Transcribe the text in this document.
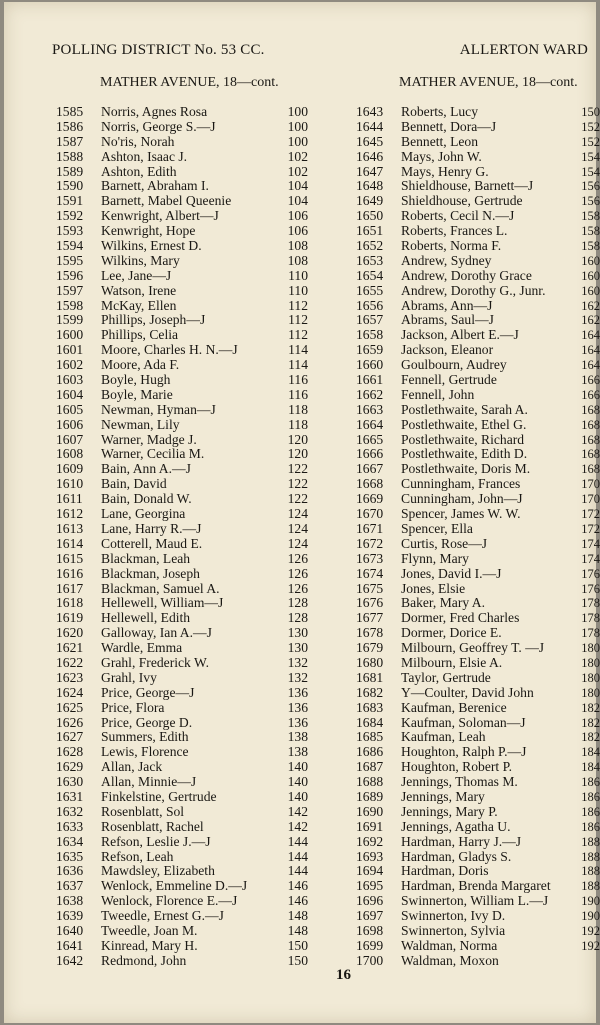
POLLING DISTRICT No. 53 CC.	ALLERTON WARD
MATHER AVENUE, 18—cont.	MATHER AVENUE, 18—cont.
1585 Norris, Agnes Rosa	100
1586 Norris, George S.—J	100
1587 No'ris, Norah	100
1588 Ashton, Isaac J.	102
1589 Ashton, Edith	102
1590 Barnett, Abraham I.	104
1591 Barnett, Mabel Queenie	104
1592 Kenwright, Albert—J	106
1593 Kenwright, Hope	106
1594 Wilkins, Ernest D.	108
1595 Wilkins, Mary	108
1596 Lee, Jane—J	110
1597 Watson, Irene	110
1598 McKay, Ellen	112
1599 Phillips, Joseph—J	112
1600 Phillips, Celia	112
1601 Moore, Charles H. N.—J	114
1602 Moore, Ada F.	114
1603 Boyle, Hugh	116
1604 Boyle, Marie	116
1605 Newman, Hyman—J	118
1606 Newman, Lily	118
1607 Warner, Madge J.	120
1608 Warner, Cecilia M.	120
1609 Bain, Ann A.—J	122
1610 Bain, David	122
1611 Bain, Donald W.	122
1612 Lane, Georgina	124
1613 Lane, Harry R.—J	124
1614 Cotterell, Maud E.	124
1615 Blackman, Leah	126
1616 Blackman, Joseph	126
1617 Blackman, Samuel A.	126
1618 Hellewell, William—J	128
1619 Hellewell, Edith	128
1620 Galloway, Ian A.—J	130
1621 Wardle, Emma	130
1622 Grahl, Frederick W.	132
1623 Grahl, Ivy	132
1624 Price, George—J	136
1625 Price, Flora	136
1626 Price, George D.	136
1627 Summers, Edith	138
1628 Lewis, Florence	138
1629 Allan, Jack	140
1630 Allan, Minnie—J	140
1631 Finkelstine, Gertrude	140
1632 Rosenblatt, Sol	142
1633 Rosenblatt, Rachel	142
1634 Refson, Leslie J.—J	144
1635 Refson, Leah	144
1636 Mawdsley, Elizabeth	144
1637 Wenlock, Emmeline D.—J	146
1638 Wenlock, Florence E.—J	146
1639 Tweedle, Ernest G.—J	148
1640 Tweedle, Joan M.	148
1641 Kinread, Mary H.	150
1642 Redmond, John	150
1643 Roberts, Lucy	150
1644 Bennett, Dora—J	152
1645 Bennett, Leon	152
1646 Mays, John W.	154
1647 Mays, Henry G.	154
1648 Shieldhouse, Barnett—J	156
1649 Shieldhouse, Gertrude	156
1650 Roberts, Cecil N.—J	158
1651 Roberts, Frances L.	158
1652 Roberts, Norma F.	158
1653 Andrew, Sydney	160
1654 Andrew, Dorothy Grace	160
1655 Andrew, Dorothy G., Junr.	160
1656 Abrams, Ann—J	162
1657 Abrams, Saul—J	162
1658 Jackson, Albert E.—J	164
1659 Jackson, Eleanor	164
1660 Goulbourn, Audrey	164
1661 Fennell, Gertrude	166
1662 Fennell, John	166
1663 Postlethwaite, Sarah A.	168
1664 Postlethwaite, Ethel G.	168
1665 Postlethwaite, Richard	168
1666 Postlethwaite, Edith D.	168
1667 Postlethwaite, Doris M.	168
1668 Cunningham, Frances	170
1669 Cunningham, John—J	170
1670 Spencer, James W. W.	172
1671 Spencer, Ella	172
1672 Curtis, Rose—J	174
1673 Flynn, Mary	174
1674 Jones, David I.—J	176
1675 Jones, Elsie	176
1676 Baker, Mary A.	178
1677 Dormer, Fred Charles	178
1678 Dormer, Dorice E.	178
1679 Milbourn, Geoffrey T. —J	180
1680 Milbourn, Elsie A.	180
1681 Taylor, Gertrude	180
1682 Y—Coulter, David John	180
1683 Kaufman, Berenice	182
1684 Kaufman, Soloman—J	182
1685 Kaufman, Leah	182
1686 Houghton, Ralph P.—J	184
1687 Houghton, Robert P.	184
1688 Jennings, Thomas M.	186
1689 Jennings, Mary	186
1690 Jennings, Mary P.	186
1691 Jennings, Agatha U.	186
1692 Hardman, Harry J.—J	188
1693 Hardman, Gladys S.	188
1694 Hardman, Doris	188
1695 Hardman, Brenda Margaret	188
1696 Swinnerton, William L.—J	190
1697 Swinnerton, Ivy D.	190
1698 Swinnerton, Sylvia	192
1699 Waldman, Norma	192
1700 Waldman, Moxon
16
